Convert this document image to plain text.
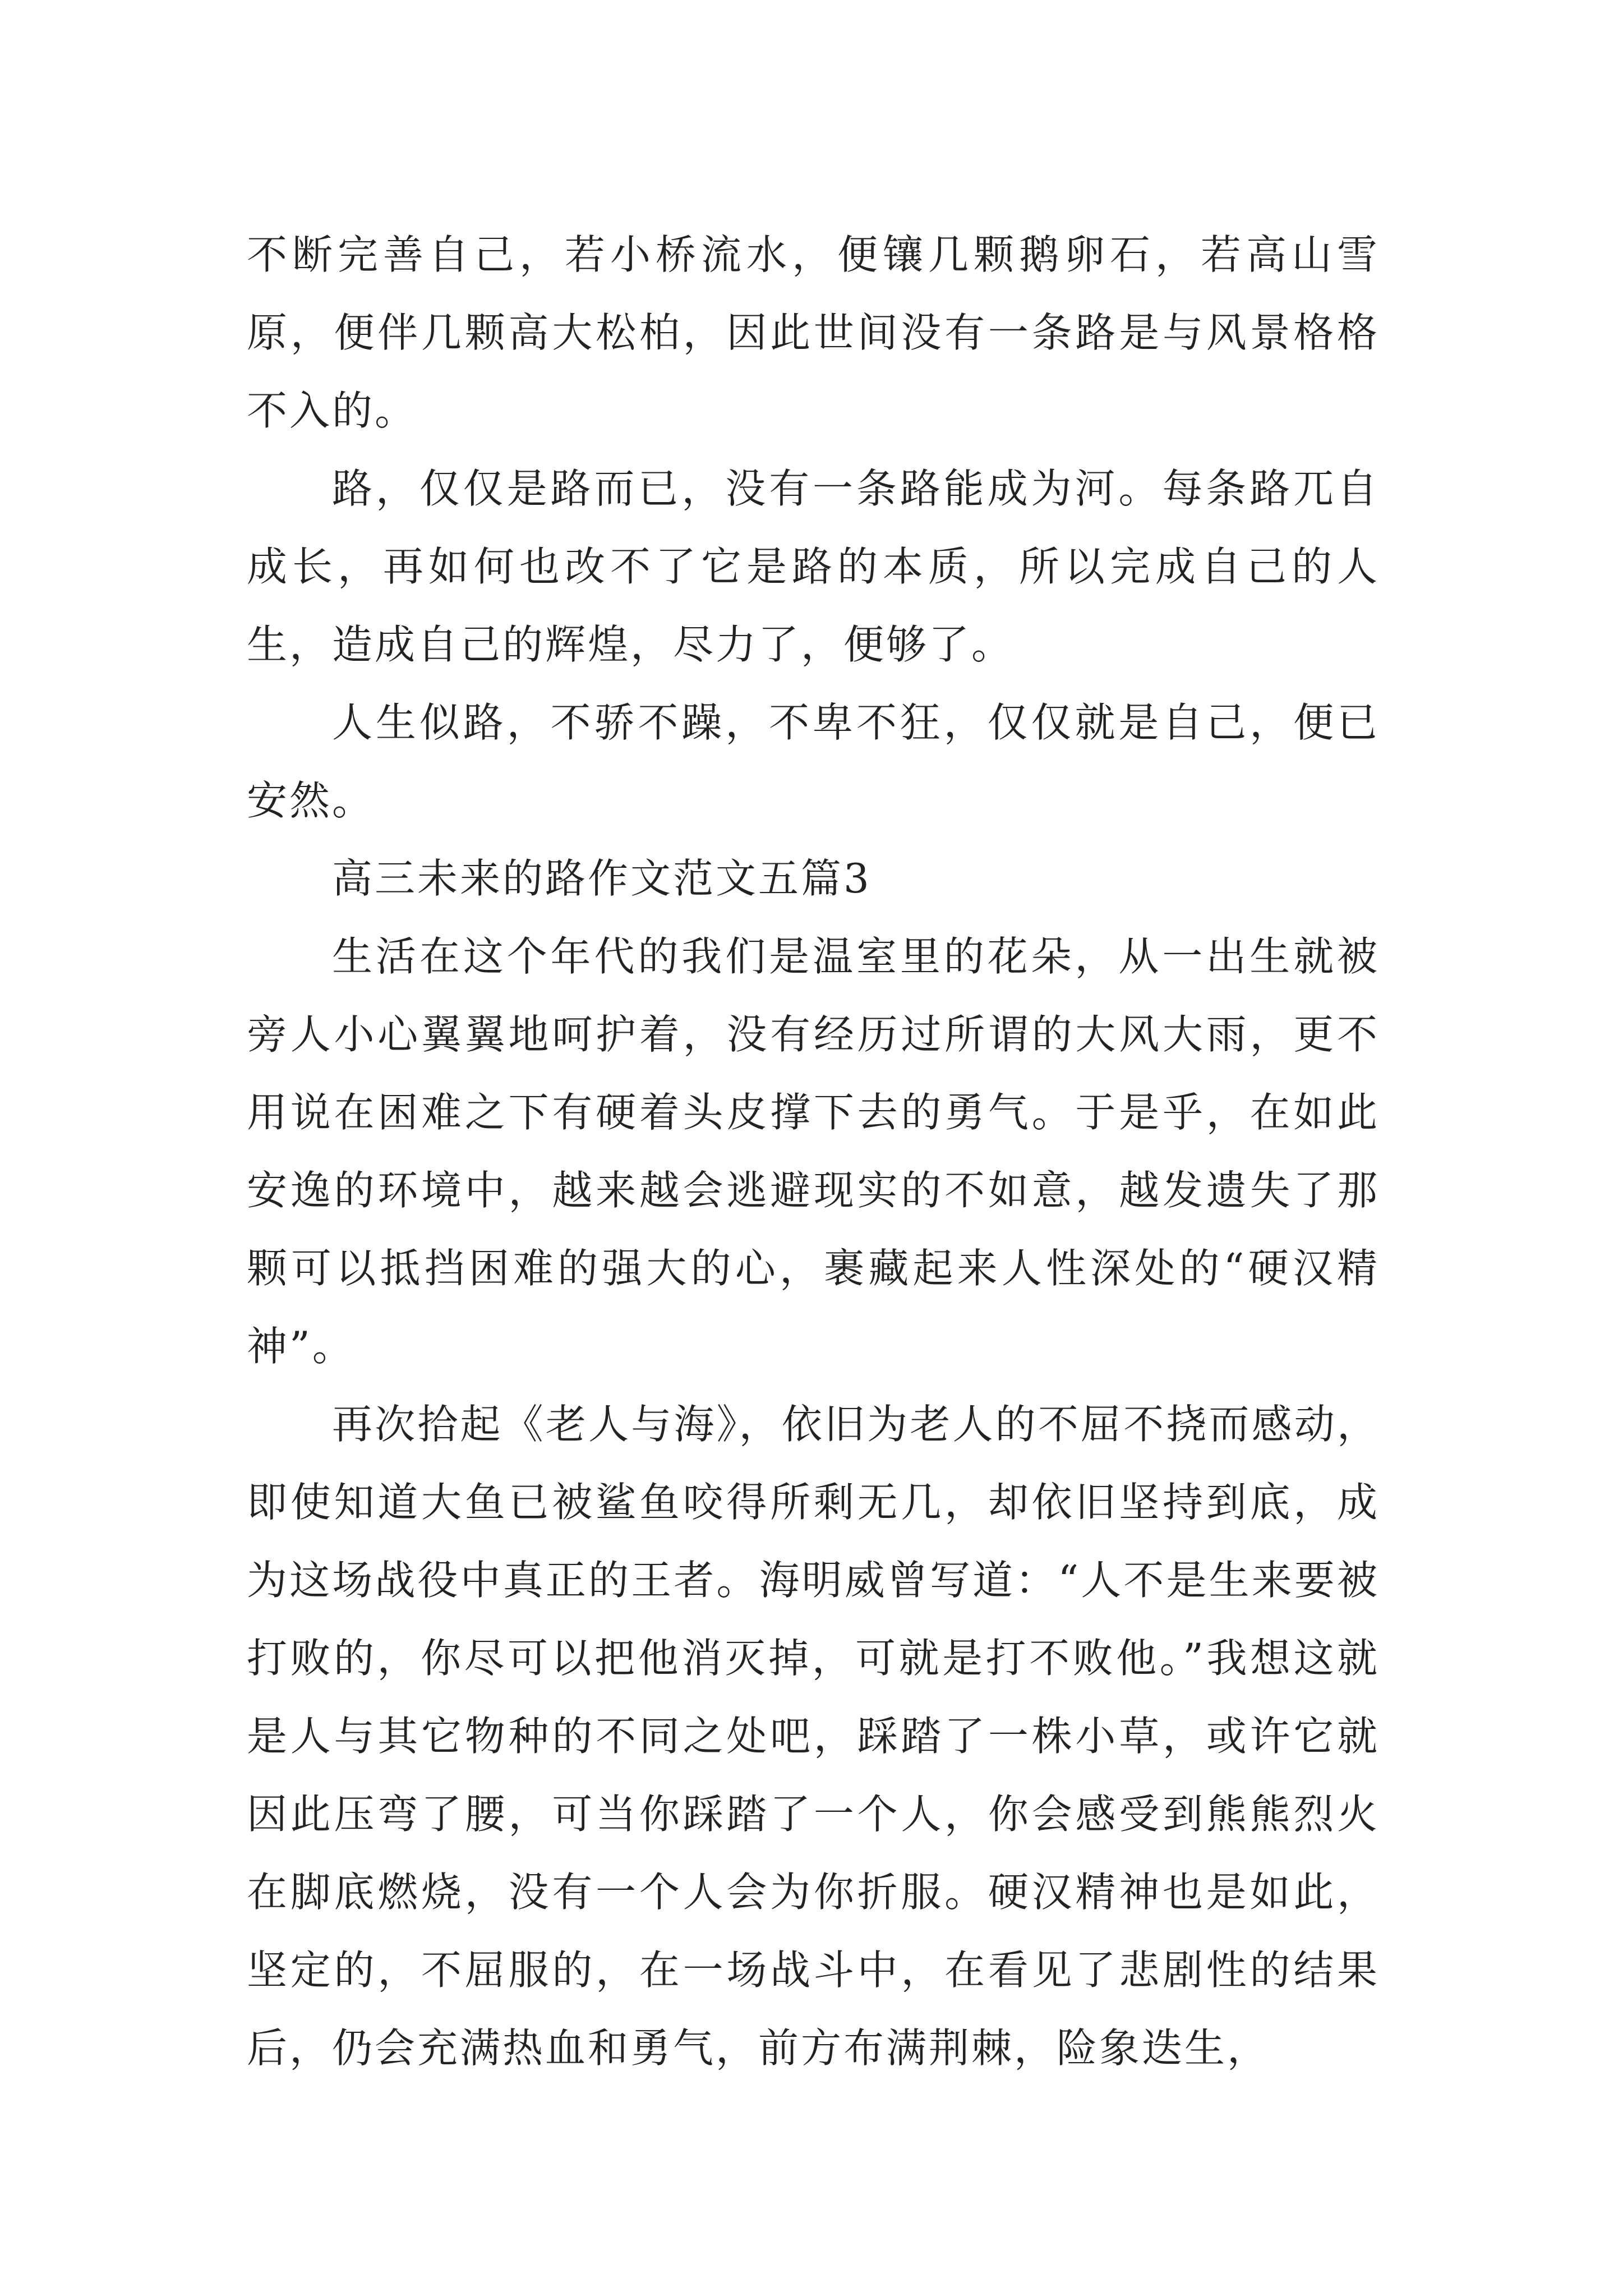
不断完善自己，若小桥流水，便镶几颗鹅卵石，若高山雪原，便伴几颗高大松柏，因此世间没有一条路是与风景格格不入的。

路，仅仅是路而已，没有一条路能成为河。每条路兀自成长，再如何也改不了它是路的本质，所以完成自己的人生，造成自己的辉煌，尽力了，便够了。

人生似路，不骄不躁，不卑不狂，仅仅就是自己，便已安然。

高三未来的路作文范文五篇3

生活在这个年代的我们是温室里的花朵，从一出生就被旁人小心翼翼地呵护着，没有经历过所谓的大风大雨，更不用说在困难之下有硬着头皮撑下去的勇气。于是乎，在如此安逸的环境中，越来越会逃避现实的不如意，越发遗失了那颗可以抵挡困难的强大的心，裹藏起来人性深处的“硬汉精神”。

再次拾起《老人与海》，依旧为老人的不屈不挠而感动，即使知道大鱼已被鲨鱼咬得所剩无几，却依旧坚持到底，成为这场战役中真正的王者。海明威曾写道：“人不是生来要被打败的，你尽可以把他消灭掉，可就是打不败他。”我想这就是人与其它物种的不同之处吧，踩踏了一株小草，或许它就因此压弯了腰，可当你踩踏了一个人，你会感受到熊熊烈火在脚底燃烧，没有一个人会为你折服。硬汉精神也是如此，坚定的，不屈服的，在一场战斗中，在看见了悲剧性的结果后，仍会充满热血和勇气，前方布满荆棘，险象迭生，
